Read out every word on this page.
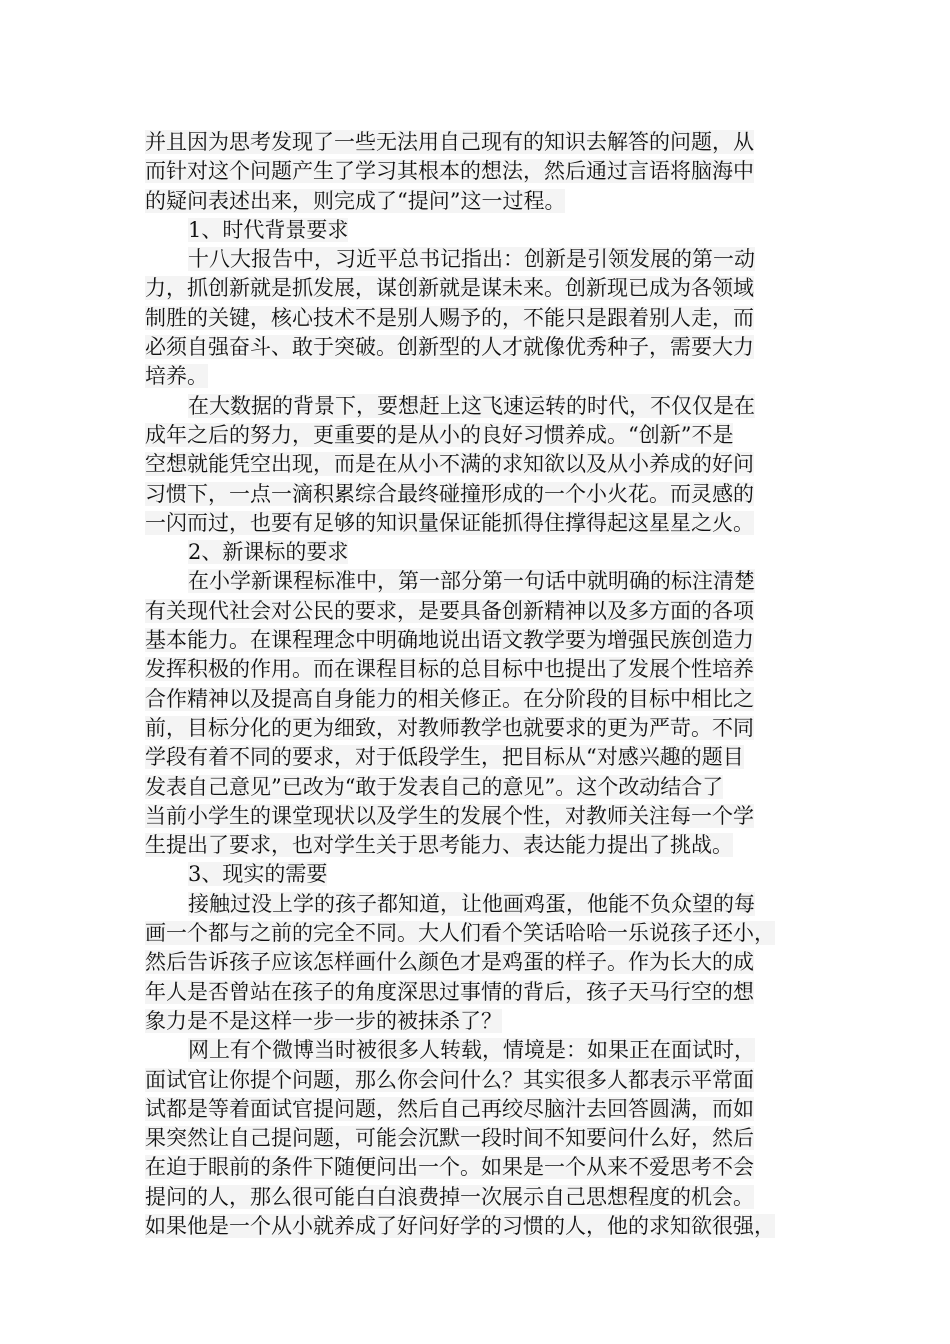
并且因为思考发现了一些无法用自己现有的知识去解答的问题，从
而针对这个问题产生了学习其根本的想法，然后通过言语将脑海中
的疑问表述出来，则完成了“提问”这一过程。
1、时代背景要求
十八大报告中，习近平总书记指出：创新是引领发展的第一动
力，抓创新就是抓发展，谋创新就是谋未来。创新现已成为各领域
制胜的关键，核心技术不是别人赐予的，不能只是跟着别人走，而
必须自强奋斗、敢于突破。创新型的人才就像优秀种子，需要大力
培养。
在大数据的背景下，要想赶上这飞速运转的时代，不仅仅是在
成年之后的努力，更重要的是从小的良好习惯养成。“创新”不是
空想就能凭空出现，而是在从小不满的求知欲以及从小养成的好问
习惯下，一点一滴积累综合最终碰撞形成的一个小火花。而灵感的
一闪而过，也要有足够的知识量保证能抓得住撑得起这星星之火。
2、新课标的要求
在小学新课程标准中，第一部分第一句话中就明确的标注清楚
有关现代社会对公民的要求，是要具备创新精神以及多方面的各项
基本能力。在课程理念中明确地说出语文教学要为增强民族创造力
发挥积极的作用。而在课程目标的总目标中也提出了发展个性培养
合作精神以及提高自身能力的相关修正。在分阶段的目标中相比之
前，目标分化的更为细致，对教师教学也就要求的更为严苛。不同
学段有着不同的要求，对于低段学生，把目标从“对感兴趣的题目
发表自己意见”已改为“敢于发表自己的意见”。这个改动结合了
当前小学生的课堂现状以及学生的发展个性，对教师关注每一个学
生提出了要求，也对学生关于思考能力、表达能力提出了挑战。
3、现实的需要
接触过没上学的孩子都知道，让他画鸡蛋，他能不负众望的每
画一个都与之前的完全不同。大人们看个笑话哈哈一乐说孩子还小，
然后告诉孩子应该怎样画什么颜色才是鸡蛋的样子。作为长大的成
年人是否曾站在孩子的角度深思过事情的背后，孩子天马行空的想
象力是不是这样一步一步的被抹杀了？
网上有个微博当时被很多人转载，情境是：如果正在面试时，
面试官让你提个问题，那么你会问什么？其实很多人都表示平常面
试都是等着面试官提问题，然后自己再绞尽脑汁去回答圆满，而如
果突然让自己提问题，可能会沉默一段时间不知要问什么好，然后
在迫于眼前的条件下随便问出一个。如果是一个从来不爱思考不会
提问的人，那么很可能白白浪费掉一次展示自己思想程度的机会。
如果他是一个从小就养成了好问好学的习惯的人，他的求知欲很强，
